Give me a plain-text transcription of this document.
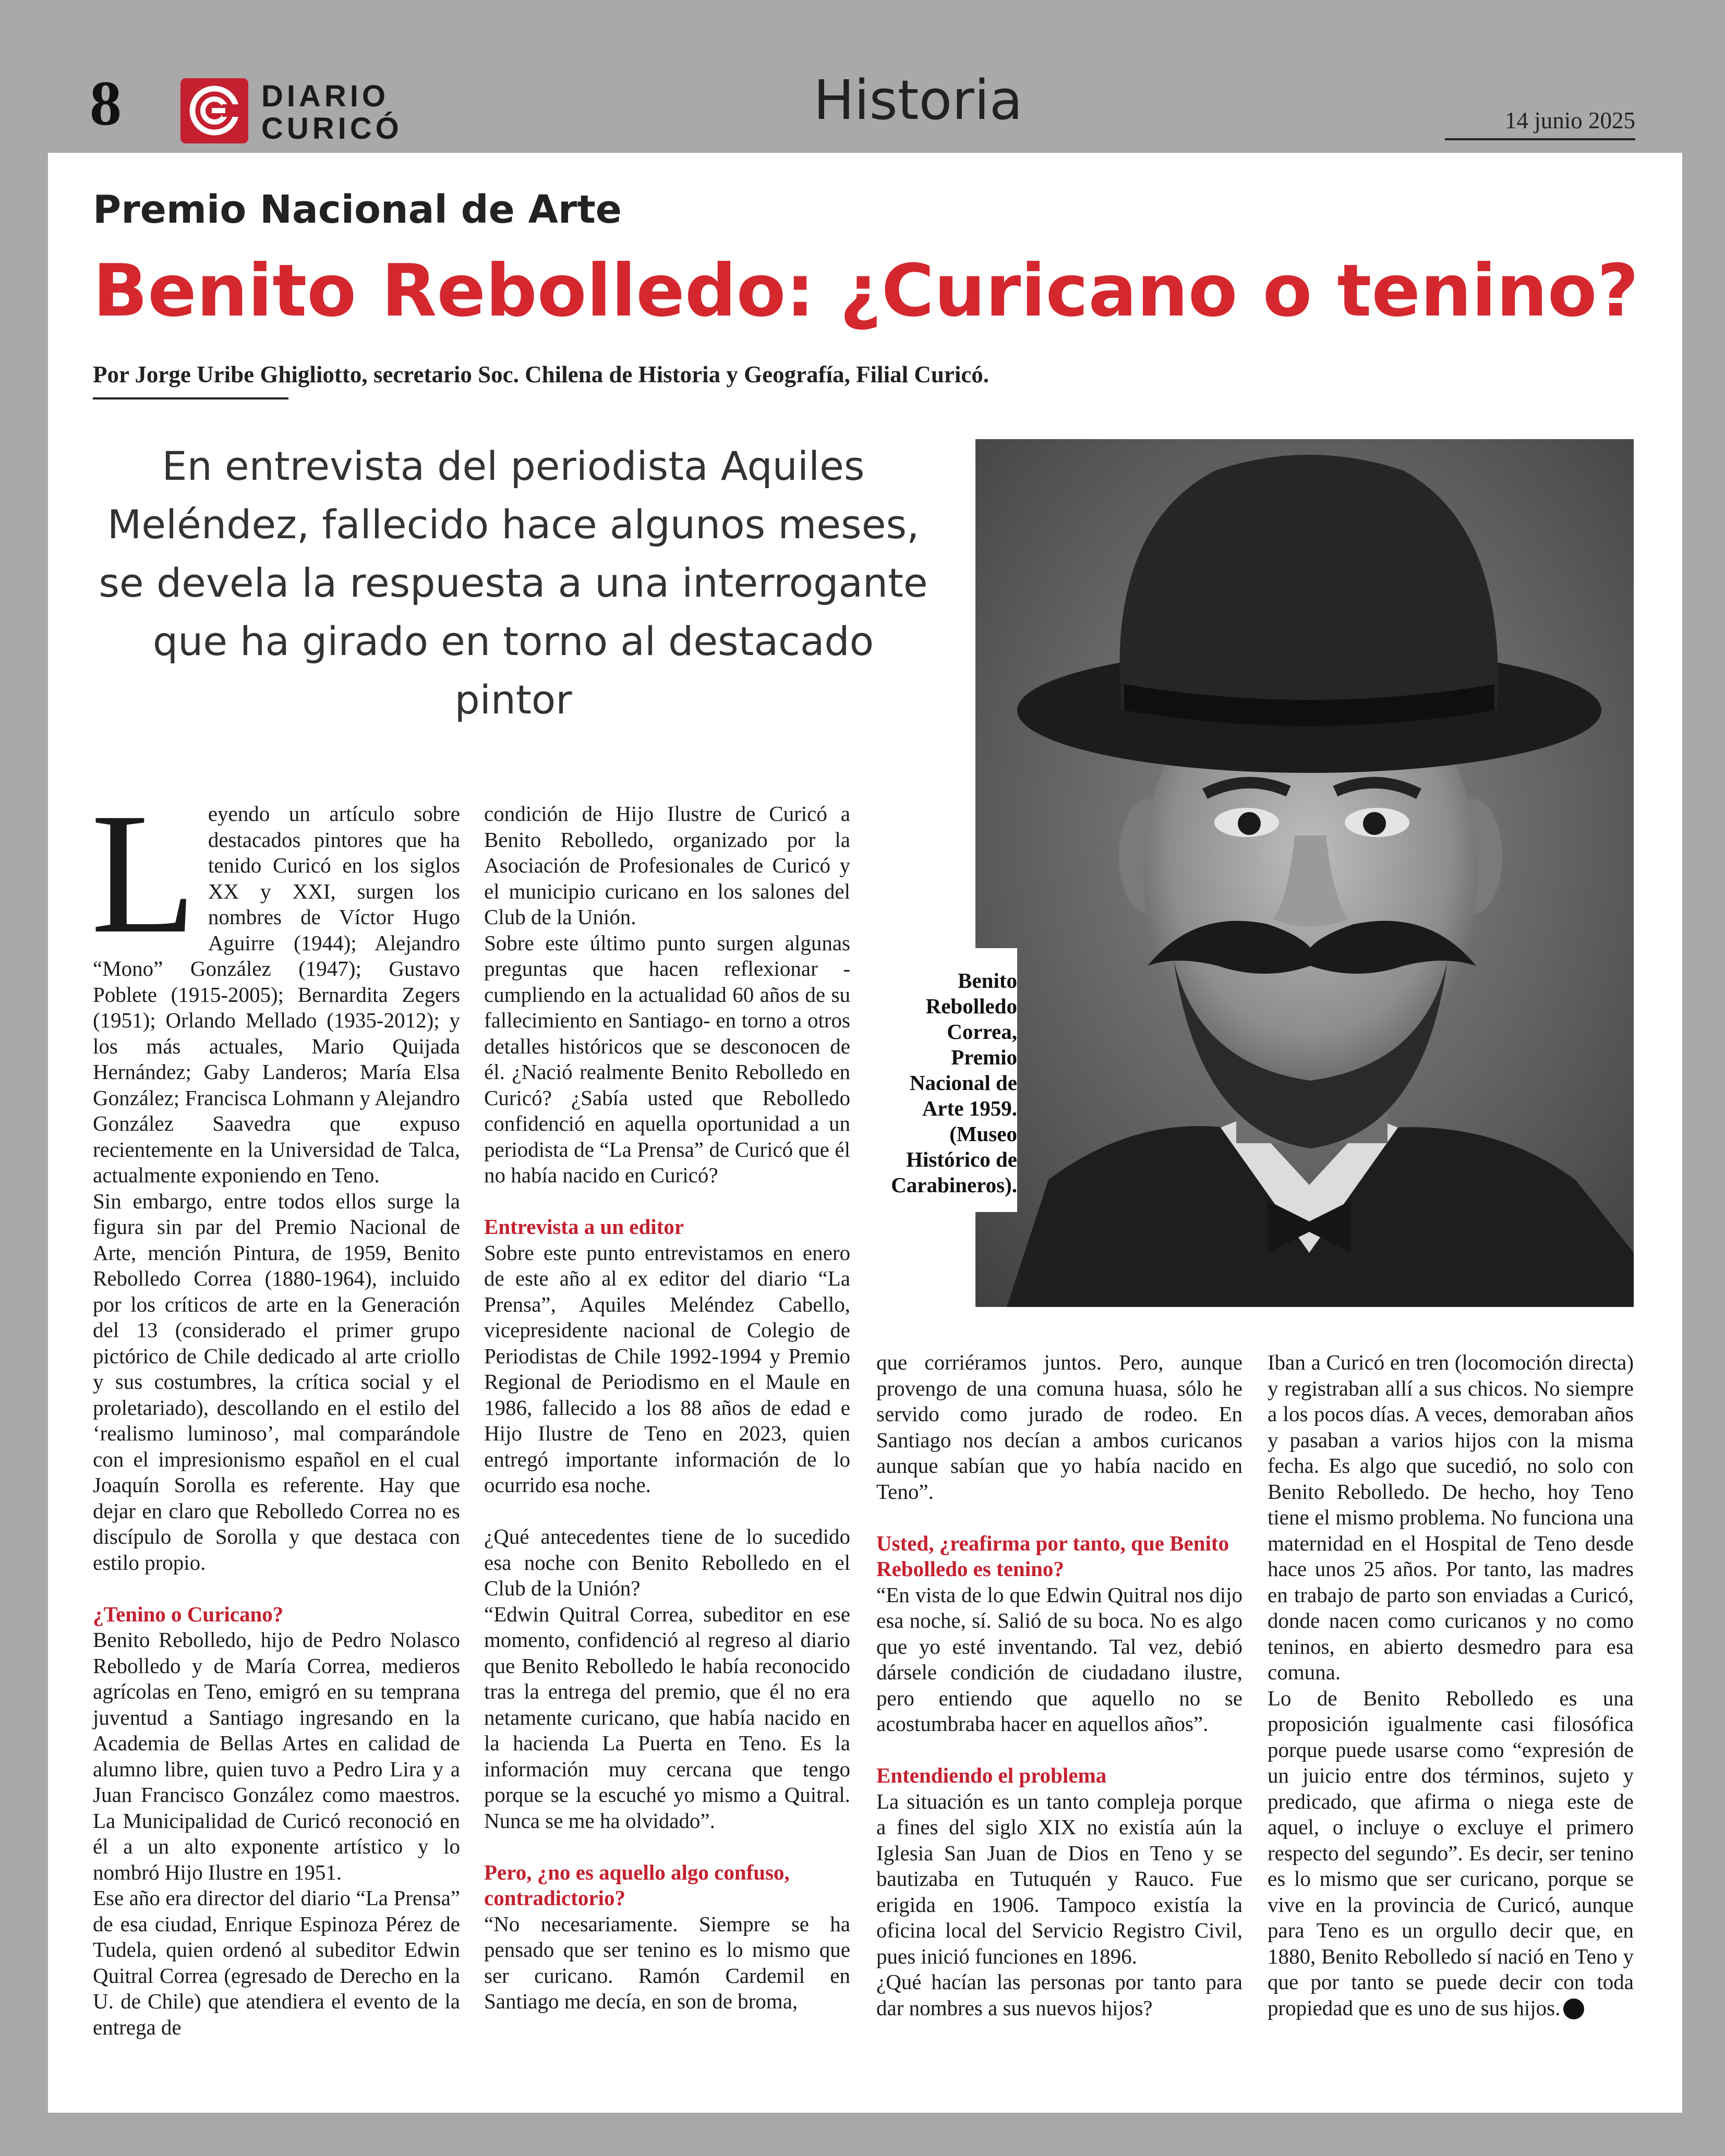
8	DIARIO
CURICÓ	Historia	14 junio 2025
Premio Nacional de Arte
Benito Rebolledo: ¿Curicano o tenino?
Por Jorge Uribe Ghigliotto, secretario Soc. Chilena de Historia y Geografía, Filial Curicó.
En entrevista del periodista Aquiles Meléndez, fallecido hace algunos meses, se devela la respuesta a una interrogante que ha girado en torno al destacado pintor
Benito Rebolledo Correa, Premio Nacional de Arte 1959. (Museo Histórico de Carabineros).

Leyendo un artículo sobre destacados pintores que ha tenido Curicó en los siglos XX y XXI, surgen los nombres de Víctor Hugo Aguirre (1944); Alejandro “Mono” González (1947); Gustavo Poblete (1915-2005); Bernardita Zegers (1951); Orlando Mellado (1935-2012); y los más actuales, Mario Quijada Hernández; Gaby Landeros; María Elsa González; Francisca Lohmann y Alejandro González Saavedra que expuso recientemente en la Universidad de Talca, actualmente exponiendo en Teno.

Sin embargo, entre todos ellos surge la figura sin par del Premio Nacional de Arte, mención Pintura, de 1959, Benito Rebolledo Correa (1880-1964), incluido por los críticos de arte en la Generación del 13 (considerado el primer grupo pictórico de Chile dedicado al arte criollo y sus costumbres, la crítica social y el proletariado), descollando en el estilo del ‘realismo luminoso’, mal comparándole con el impresionismo español en el cual Joaquín Sorolla es referente. Hay que dejar en claro que Rebolledo Correa no es discípulo de Sorolla y que destaca con estilo propio.

¿Tenino o Curicano?

Benito Rebolledo, hijo de Pedro Nolasco Rebolledo y de María Correa, medieros agrícolas en Teno, emigró en su temprana juventud a Santiago ingresando en la Academia de Bellas Artes en calidad de alumno libre, quien tuvo a Pedro Lira y a Juan Francisco González como maestros. La Municipalidad de Curicó reconoció en él a un alto exponente artístico y lo nombró Hijo Ilustre en 1951.

Ese año era director del diario “La Prensa” de esa ciudad, Enrique Espinoza Pérez de Tudela, quien ordenó al subeditor Edwin Quitral Correa (egresado de Derecho en la U. de Chile) que atendiera el evento de la entrega de

condición de Hijo Ilustre de Curicó a Benito Rebolledo, organizado por la Asociación de Profesionales de Curicó y el municipio curicano en los salones del Club de la Unión.

Sobre este último punto surgen algunas preguntas que hacen reflexionar -cumpliendo en la actualidad 60 años de su fallecimiento en Santiago- en torno a otros detalles históricos que se desconocen de él. ¿Nació realmente Benito Rebolledo en Curicó? ¿Sabía usted que Rebolledo confidenció en aquella oportunidad a un periodista de “La Prensa” de Curicó que él no había nacido en Curicó?

Entrevista a un editor

Sobre este punto entrevistamos en enero de este año al ex editor del diario “La Prensa”, Aquiles Meléndez Cabello, vicepresidente nacional de Colegio de Periodistas de Chile 1992-1994 y Premio Regional de Periodismo en el Maule en 1986, fallecido a los 88 años de edad e Hijo Ilustre de Teno en 2023, quien entregó importante información de lo ocurrido esa noche.

¿Qué antecedentes tiene de lo sucedido esa noche con Benito Rebolledo en el Club de la Unión?

“Edwin Quitral Correa, subeditor en ese momento, confidenció al regreso al diario que Benito Rebolledo le había reconocido tras la entrega del premio, que él no era netamente curicano, que había nacido en la hacienda La Puerta en Teno. Es la información muy cercana que tengo porque se la escuché yo mismo a Quitral. Nunca se me ha olvidado”.

Pero, ¿no es aquello algo confuso, contradictorio?

“No necesariamente. Siempre se ha pensado que ser tenino es lo mismo que ser curicano. Ramón Cardemil en Santiago me decía, en son de broma,

que corriéramos juntos. Pero, aunque provengo de una comuna huasa, sólo he servido como jurado de rodeo. En Santiago nos decían a ambos curicanos aunque sabían que yo había nacido en Teno”.

Usted, ¿reafirma por tanto, que Benito Rebolledo es tenino?

“En vista de lo que Edwin Quitral nos dijo esa noche, sí. Salió de su boca. No es algo que yo esté inventando. Tal vez, debió dársele condición de ciudadano ilustre, pero entiendo que aquello no se acostumbraba hacer en aquellos años”.

Entendiendo el problema

La situación es un tanto compleja porque a fines del siglo XIX no existía aún la Iglesia San Juan de Dios en Teno y se bautizaba en Tutuquén y Rauco. Fue erigida en 1906. Tampoco existía la oficina local del Servicio Registro Civil, pues inició funciones en 1896.

¿Qué hacían las personas por tanto para dar nombres a sus nuevos hijos?

Iban a Curicó en tren (locomoción directa) y registraban allí a sus chicos. No siempre a los pocos días. A veces, demoraban años y pasaban a varios hijos con la misma fecha. Es algo que sucedió, no solo con Benito Rebolledo. De hecho, hoy Teno tiene el mismo problema. No funciona una maternidad en el Hospital de Teno desde hace unos 25 años. Por tanto, las madres en trabajo de parto son enviadas a Curicó, donde nacen como curicanos y no como teninos, en abierto desmedro para esa comuna.

Lo de Benito Rebolledo es una proposición igualmente casi filosófica porque puede usarse como “expresión de un juicio entre dos términos, sujeto y predicado, que afirma o niega este de aquel, o incluye o excluye el primero respecto del segundo”. Es decir, ser tenino es lo mismo que ser curicano, porque se vive en la provincia de Curicó, aunque para Teno es un orgullo decir que, en 1880, Benito Rebolledo sí nació en Teno y que por tanto se puede decir con toda propiedad que es uno de sus hijos.
